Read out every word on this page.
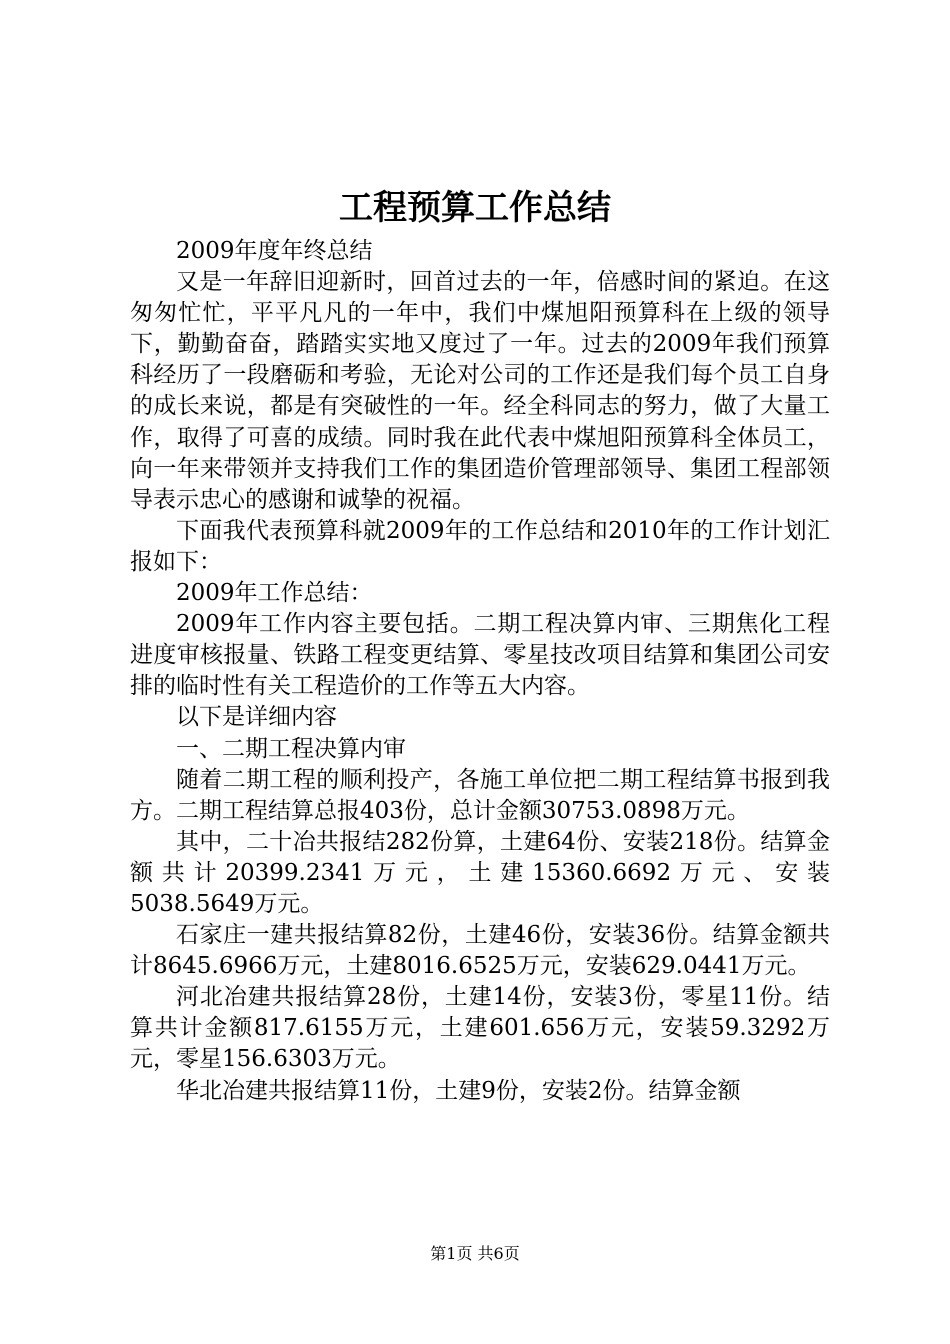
工程预算工作总结

2009年度年终总结

又是一年辞旧迎新时，回首过去的一年，倍感时间的紧迫。在这匆匆忙忙，平平凡凡的一年中，我们中煤旭阳预算科在上级的领导下，勤勤奋奋，踏踏实实地又度过了一年。过去的2009年我们预算科经历了一段磨砺和考验，无论对公司的工作还是我们每个员工自身的成长来说，都是有突破性的一年。经全科同志的努力，做了大量工作，取得了可喜的成绩。同时我在此代表中煤旭阳预算科全体员工，向一年来带领并支持我们工作的集团造价管理部领导、集团工程部领导表示忠心的感谢和诚挚的祝福。

下面我代表预算科就2009年的工作总结和2010年的工作计划汇报如下：

2009年工作总结：

2009年工作内容主要包括。二期工程决算内审、三期焦化工程进度审核报量、铁路工程变更结算、零星技改项目结算和集团公司安排的临时性有关工程造价的工作等五大内容。

以下是详细内容

一、二期工程决算内审

随着二期工程的顺利投产，各施工单位把二期工程结算书报到我方。二期工程结算总报403份，总计金额30753.0898万元。

其中，二十冶共报结282份算，土建64份、安装218份。结算金额共计20399.2341万元，土建15360.6692万元、安装5038.5649万元。

石家庄一建共报结算82份，土建46份，安装36份。结算金额共计8645.6966万元，土建8016.6525万元，安装629.0441万元。

河北冶建共报结算28份，土建14份，安装3份，零星11份。结算共计金额817.6155万元，土建601.656万元，安装59.3292万元，零星156.6303万元。

华北冶建共报结算11份，土建9份，安装2份。结算金额

第1页 共6页
